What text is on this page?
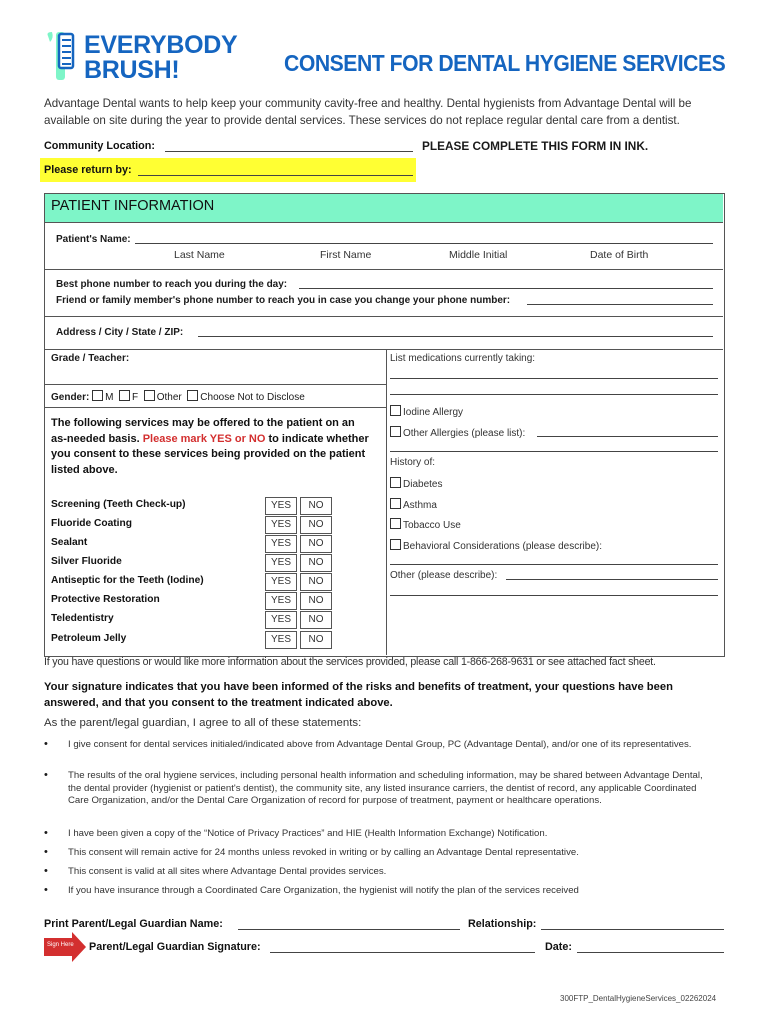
EVERYBODY
BRUSH!	CONSENT FOR DENTAL HYGIENE SERVICES
Advantage Dental wants to help keep your community cavity-free and healthy. Dental hygienists from Advantage Dental will be available on site during the year to provide dental services. These services do not replace regular dental care from a dentist.
Community Location:	PLEASE COMPLETE THIS FORM IN INK.
Please return by:
PATIENT INFORMATION
Patient's Name:
Last Name	First Name	Middle Initial	Date of Birth
Best phone number to reach you during the day:
Friend or family member's phone number to reach you in case you change your phone number:
Address / City / State / ZIP:
Grade / Teacher:
Gender: M F Other Choose Not to Disclose
The following services may be offered to the patient on an as-needed basis. Please mark YES or NO to indicate whether you consent to these services being provided on the patient listed above.
Screening (Teeth Check-up)	YES	NO
Fluoride Coating	YES	NO
Sealant	YES	NO
Silver Fluoride	YES	NO
Antiseptic for the Teeth (Iodine)	YES	NO
Protective Restoration	YES	NO
Teledentistry	YES	NO
Petroleum Jelly	YES	NO
List medications currently taking:
Iodine Allergy
Other Allergies (please list):
History of:
Diabetes
Asthma
Tobacco Use
Behavioral Considerations (please describe):
Other (please describe):
If you have questions or would like more information about the services provided, please call 1-866-268-9631 or see attached fact sheet.
Your signature indicates that you have been informed of the risks and benefits of treatment, your questions have been answered, and that you consent to the treatment indicated above.
As the parent/legal guardian, I agree to all of these statements:
• I give consent for dental services initialed/indicated above from Advantage Dental Group, PC (Advantage Dental), and/or one of its representatives.
• The results of the oral hygiene services, including personal health information and scheduling information, may be shared between Advantage Dental, the dental provider (hygienist or patient's dentist), the community site, any listed insurance carriers, the dentist of record, any applicable Coordinated Care Organization, and/or the Dental Care Organization of record for purpose of treatment, payment or healthcare operations.
• I have been given a copy of the “Notice of Privacy Practices” and HIE (Health Information Exchange) Notification.
• This consent will remain active for 24 months unless revoked in writing or by calling an Advantage Dental representative.
• This consent is valid at all sites where Advantage Dental provides services.
• If you have insurance through a Coordinated Care Organization, the hygienist will notify the plan of the services received
Print Parent/Legal Guardian Name:	Relationship:
Sign Here Parent/Legal Guardian Signature:	Date:
300FTP_DentalHygieneServices_02262024
